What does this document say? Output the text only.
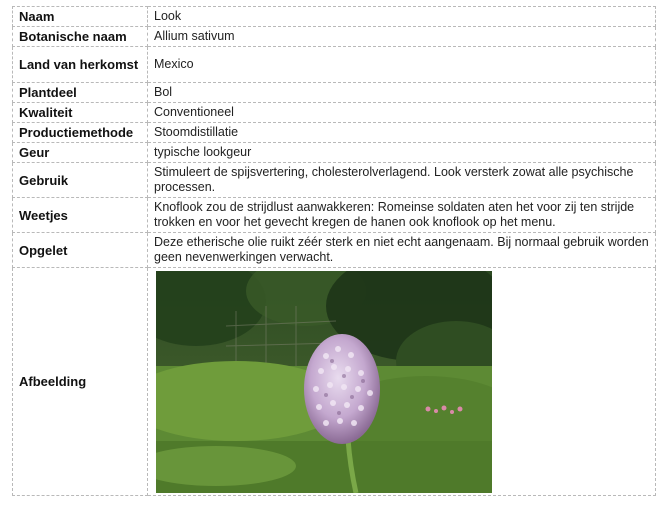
Naam	Look
Botanische naam	Allium sativum
Land van herkomst	Mexico
Plantdeel	Bol
Kwaliteit	Conventioneel
Productiemethode	Stoomdistillatie
Geur	typische lookgeur
Gebruik	Stimuleert de spijsvertering, cholesterolverlagend. Look versterk zowat alle psychische processen.
Weetjes	Knoflook zou de strijdlust aanwakkeren: Romeinse soldaten aten het voor zij ten strijde trokken en voor het gevecht kregen de hanen ook knoflook op het menu.
Opgelet	Deze etherische olie ruikt zéér sterk en niet echt aangenaam. Bij normaal gebruik worden geen nevenwerkingen verwacht.
Afbeelding	
